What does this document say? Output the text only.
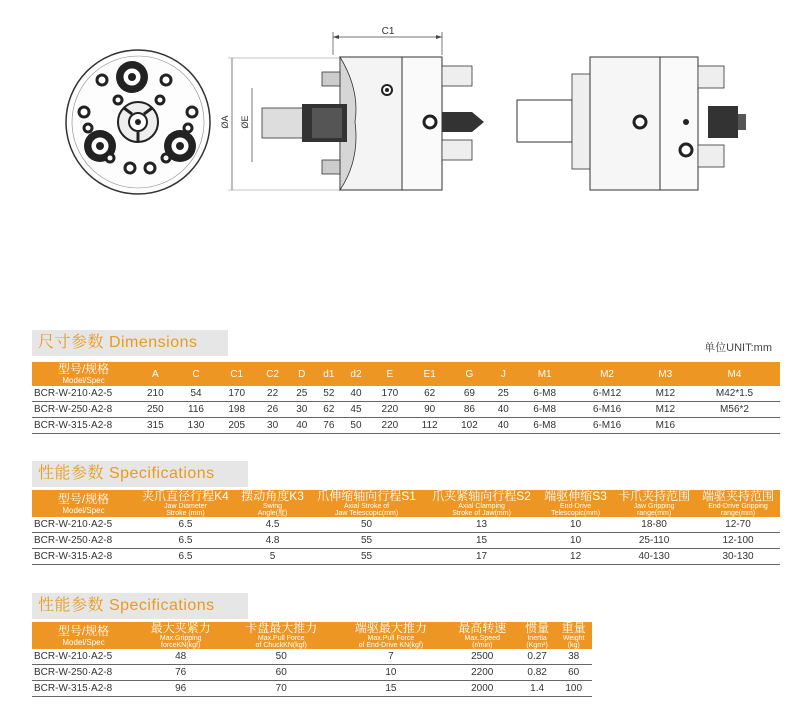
C1
ØA ØE
尺寸参数 Dimensions	单位UNIT:mm
型号/规格
Model/Spec	A	C	C1	C2	D	d1	d2	E	E1	G	J	M1	M2	M3	M4
BCR-W-210·A2-5	210	54	170	22	25	52	40	170	62	69	25	6-M8	6-M12	M12	M42*1.5
BCR-W-250·A2-8	250	116	198	26	30	62	45	220	90	86	40	6-M8	6-M16	M12	M56*2
BCR-W-315·A2-8	315	130	205	30	40	76	50	220	112	102	40	6-M8	6-M16	M16	
性能参数 Specifications
型号/规格
Model/Spec	夹爪直径行程K4
Jaw Diameter
Stroke (mm)	摆动角度K3
Swing
Angle(度)	爪伸缩轴向行程S1
Axial Stroke of
Jaw Telescopic(mm)	爪夹紧轴向行程S2
Axial Clamping
Stroke of Jaw(mm)	端驱伸缩S3
End-Drive
Telescopic(mm)	卡爪夹持范围
Jaw Gripping
range(mm)	端驱夹持范围
End-Drive Gripping
range(mm)

BCR-W-210·A2-5	6.5	4.5	50	13	10	18-80	12-70
BCR-W-250·A2-8	6.5	4.8	55	15	10	25-110	12-100
BCR-W-315·A2-8	6.5	5	55	17	12	40-130	30-130
性能参数 Specifications
型号/规格
Model/Spec	最大夹紧力
Max.Gripping
forceKN(kgf)	卡盘最大推力
Max.Pull Force
of ChuckKN(kgf)	端驱最大推力
Max.Pull Force
of End-Drive KN(kgf)	最高转速
Max.Speed
(r/min)	惯量
Inertia
(Kgm²)	重量
Weight
(kg)

BCR-W-210·A2-5	48	50	7	2500	0.27	38
BCR-W-250·A2-8	76	60	10	2200	0.82	60
BCR-W-315·A2-8	96	70	15	2000	1.4	100
